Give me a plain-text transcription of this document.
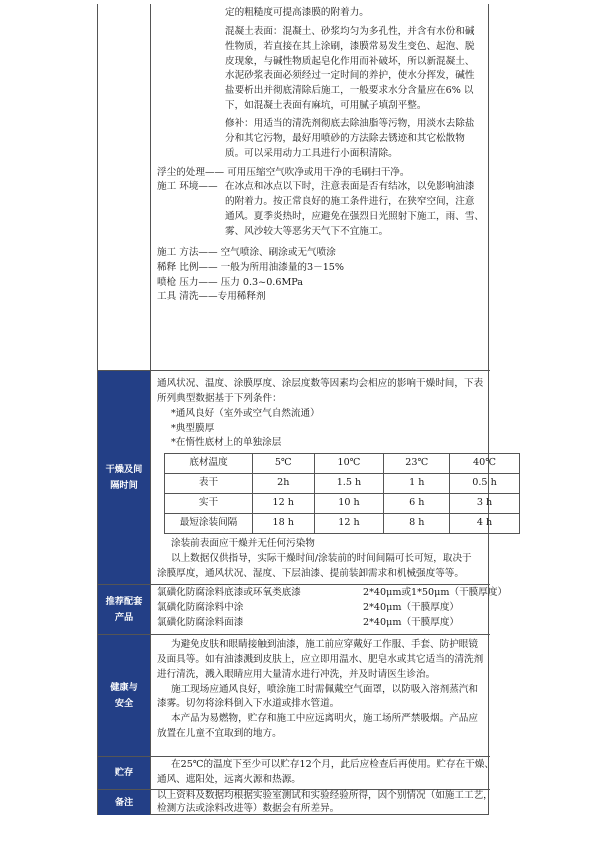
定的粗糙度可提高漆膜的附着力。
混凝土表面：混凝土、砂浆均匀为多孔性，并含有水份和碱
性物质，若直接在其上涂刷，漆膜常易发生变色、起泡、脱
皮现象，与碱性物质起皂化作用而补破坏，所以新混凝土、
水泥砂浆表面必须经过一定时间的养护，使水分挥发，碱性
盐要析出并彻底清除后施工，一般要求水分含量应在6% 以
下，如混凝土表面有麻坑，可用腻子填刮平整。
修补：用适当的清洗剂彻底去除油脂等污物，用淡水去除盐
分和其它污物，最好用喷砂的方法除去锈迹和其它松散物
质。可以采用动力工具进行小面积清除。
浮尘的处理—— 可用压缩空气吹净或用干净的毛刷扫干净。
施工 环境—— 在冰点和冰点以下时，注意表面是否有结冰，以免影响油漆
的附着力。按正常良好的施工条件进行，在狭窄空间，注意
通风。夏季炎热时，应避免在强烈日光照射下施工，雨、雪、
雾、风沙较大等恶劣天气下不宜施工。
施工 方法—— 空气喷涂、刷涂或无气喷涂
稀释 比例—— 一般为所用油漆量的3－15%
喷枪 压力—— 压力 0.3~0.6MPa
工具 清洗——专用稀释剂
干燥及间
隔时间
通风状况、温度、涂膜厚度、涂层度数等因素均会相应的影响干燥时间，下表
所列典型数据基于下列条件：
*通风良好（室外或空气自然流通）
*典型膜厚
*在惰性底材上的单独涂层
底材温度	5℃	10℃	23℃	40℃
表干	2h	1.5 h	1 h	0.5 h
实干	12 h	10 h	6 h	3 h
最短涂装间隔	18 h	12 h	8 h	4 h
涂装前表面应干燥并无任何污染物
以上数据仅供指导，实际干燥时间/涂装前的时间间隔可长可短，取决于
涂膜厚度，通风状况、湿度、下层油漆、提前装卸需求和机械强度等等。
推荐配套
产品
氯磺化防腐涂料底漆或环氧类底漆	2*40μm或1*50μm（干膜厚度）
氯磺化防腐涂料中涂	2*40μm（干膜厚度）
氯磺化防腐涂料面漆	2*40μm（干膜厚度）
健康与
安全
为避免皮肤和眼睛接触到油漆，施工前应穿戴好工作服、手套、防护眼镜
及面具等。如有油漆溅到皮肤上，应立即用温水、肥皂水或其它适当的清洗剂
进行清洗，溅入眼睛应用大量清水进行冲洗，并及时请医生诊治。
施工现场应通风良好，喷涂施工时需佩戴空气面罩，以防吸入溶剂蒸汽和
漆雾。切勿将涂料倒入下水道或排水管道。
本产品为易燃物，贮存和施工中应远离明火，施工场所严禁吸烟。产品应
放置在儿童不宜取到的地方。
贮存
在25℃的温度下至少可以贮存12个月，此后应检查后再使用。贮存在干燥、
通风、遮阳处，远离火源和热源。
备注
以上资料及数据均根据实验室测试和实验经验所得，因个别情况（如施工工艺，
检测方法或涂料改进等）数据会有所差异。
